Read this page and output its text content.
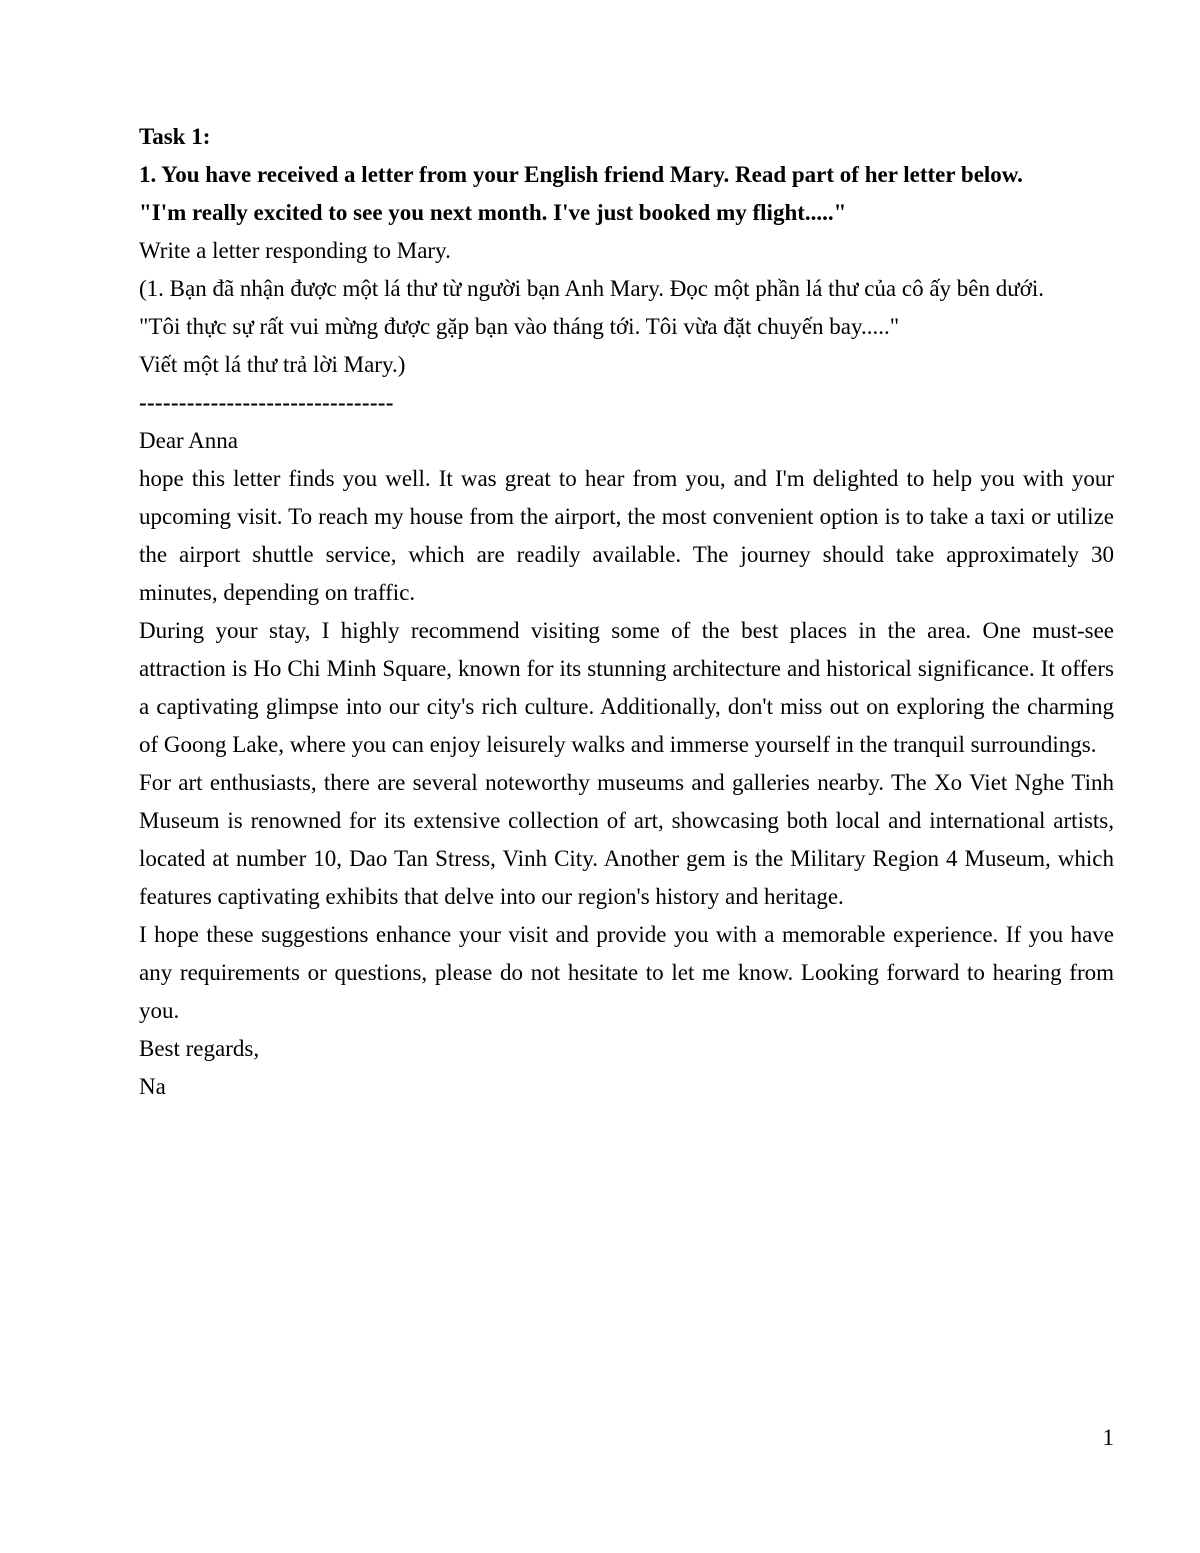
Task 1:

1. You have received a letter from your English friend Mary. Read part of her letter below.

"I'm really excited to see you next month. I've just booked my flight....."

Write a letter responding to Mary.

(1. Bạn đã nhận được một lá thư từ người bạn Anh Mary. Đọc một phần lá thư của cô ấy bên dưới.

"Tôi thực sự rất vui mừng được gặp bạn vào tháng tới. Tôi vừa đặt chuyến bay....."

Viết một lá thư trả lời Mary.)

--------------------------------

Dear Anna

hope this letter finds you well. It was great to hear from you, and I'm delighted to help you with your upcoming visit. To reach my house from the airport, the most convenient option is to take a taxi or utilize the airport shuttle service, which are readily available. The journey should take approximately 30 minutes, depending on traffic.

During your stay, I highly recommend visiting some of the best places in the area. One must-see attraction is Ho Chi Minh Square, known for its stunning architecture and historical significance. It offers a captivating glimpse into our city's rich culture. Additionally, don't miss out on exploring the charming of Goong Lake, where you can enjoy leisurely walks and immerse yourself in the tranquil surroundings.

For art enthusiasts, there are several noteworthy museums and galleries nearby. The Xo Viet Nghe Tinh Museum is renowned for its extensive collection of art, showcasing both local and international artists, located at number 10, Dao Tan Stress, Vinh City. Another gem is the Military Region 4 Museum, which features captivating exhibits that delve into our region's history and heritage.

I hope these suggestions enhance your visit and provide you with a memorable experience. If you have any requirements or questions, please do not hesitate to let me know. Looking forward to hearing from you.

Best regards,

Na

1
